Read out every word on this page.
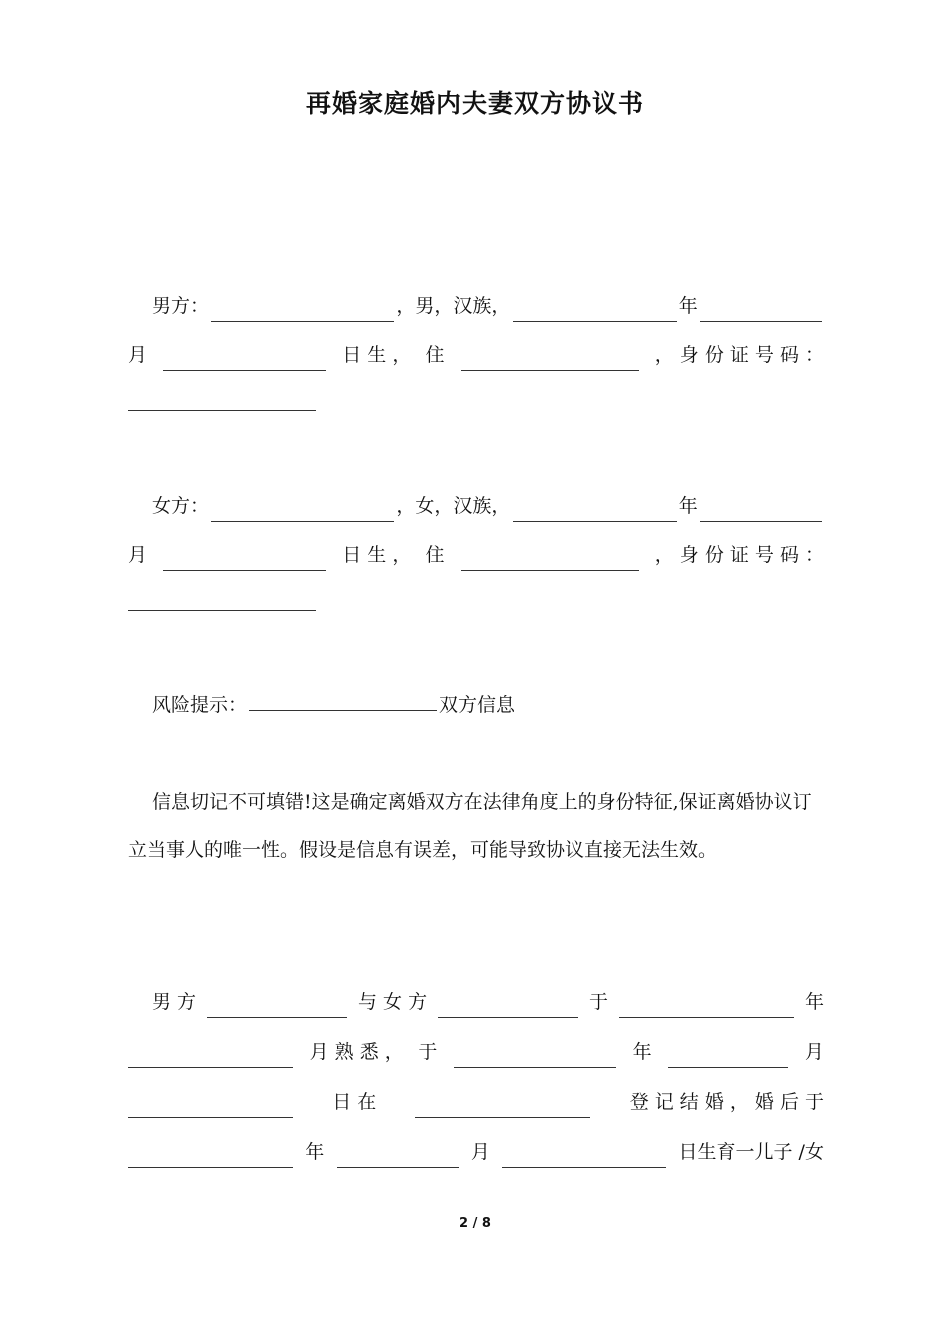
再婚家庭婚内夫妻双方协议书
男方：	，男，汉族，	年
月	日 生 ， 住	， 身 份 证 号 码 ：
女方：	，女，汉族，	年
月	日 生 ， 住	， 身 份 证 号 码 ：
风险提示：	双方信息
信息切记不可填错!这是确定离婚双方在法律角度上的身份特征,保证离婚协议订立当事人的唯一性。假设是信息有误差，可能导致协议直接无法生效。
男 方	与 女 方	于	年
月 熟 悉 ， 于	年	月
日 在	登 记 结 婚 ， 婚 后 于
年	月	日生育一儿子 /女
2 / 8
